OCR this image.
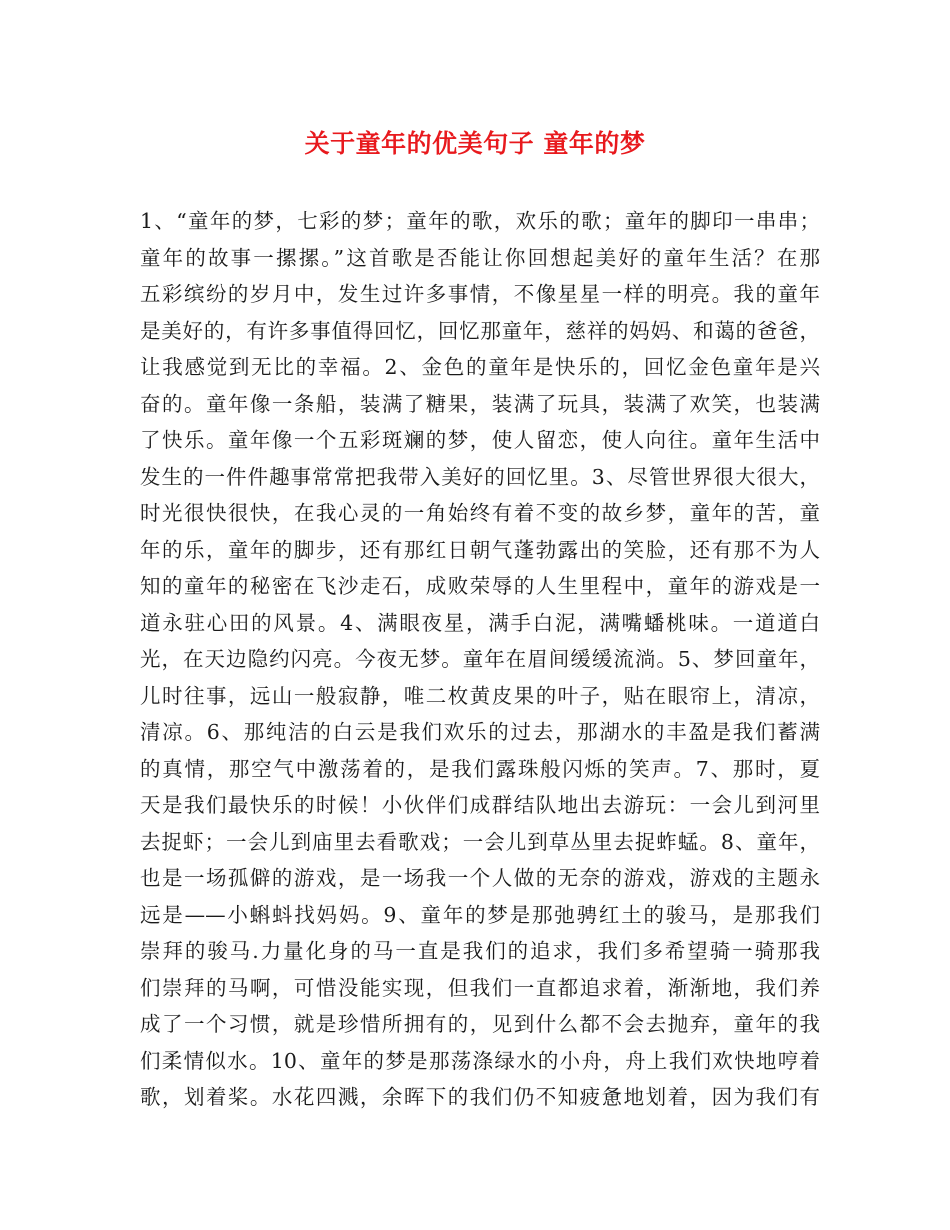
关于童年的优美句子 童年的梦
1、“童年的梦，七彩的梦；童年的歌，欢乐的歌；童年的脚印一串串；
童年的故事一摞摞。”这首歌是否能让你回想起美好的童年生活？在那
五彩缤纷的岁月中，发生过许多事情，不像星星一样的明亮。我的童年
是美好的，有许多事值得回忆，回忆那童年，慈祥的妈妈、和蔼的爸爸，
让我感觉到无比的幸福。2、金色的童年是快乐的，回忆金色童年是兴
奋的。童年像一条船，装满了糖果，装满了玩具，装满了欢笑，也装满
了快乐。童年像一个五彩斑斓的梦，使人留恋，使人向往。童年生活中
发生的一件件趣事常常把我带入美好的回忆里。3、尽管世界很大很大，
时光很快很快，在我心灵的一角始终有着不变的故乡梦，童年的苦，童
年的乐，童年的脚步，还有那红日朝气蓬勃露出的笑脸，还有那不为人
知的童年的秘密在飞沙走石，成败荣辱的人生里程中，童年的游戏是一
道永驻心田的风景。4、满眼夜星，满手白泥，满嘴蟠桃味。一道道白
光，在天边隐约闪亮。今夜无梦。童年在眉间缓缓流淌。5、梦回童年，
儿时往事，远山一般寂静，唯二枚黄皮果的叶子，贴在眼帘上，清凉，
清凉。6、那纯洁的白云是我们欢乐的过去，那湖水的丰盈是我们蓄满
的真情，那空气中激荡着的，是我们露珠般闪烁的笑声。7、那时，夏
天是我们最快乐的时候！小伙伴们成群结队地出去游玩：一会儿到河里
去捉虾；一会儿到庙里去看歌戏；一会儿到草丛里去捉蚱蜢。8、童年，
也是一场孤僻的游戏，是一场我一个人做的无奈的游戏，游戏的主题永
远是——小蝌蚪找妈妈。9、童年的梦是那弛骋红土的骏马，是那我们
崇拜的骏马.力量化身的马一直是我们的追求，我们多希望骑一骑那我
们崇拜的马啊，可惜没能实现，但我们一直都追求着，渐渐地，我们养
成了一个习惯，就是珍惜所拥有的，见到什么都不会去抛弃，童年的我
们柔情似水。10、童年的梦是那荡涤绿水的小舟，舟上我们欢快地哼着
歌，划着桨。水花四溅，余晖下的我们仍不知疲惫地划着，因为我们有
